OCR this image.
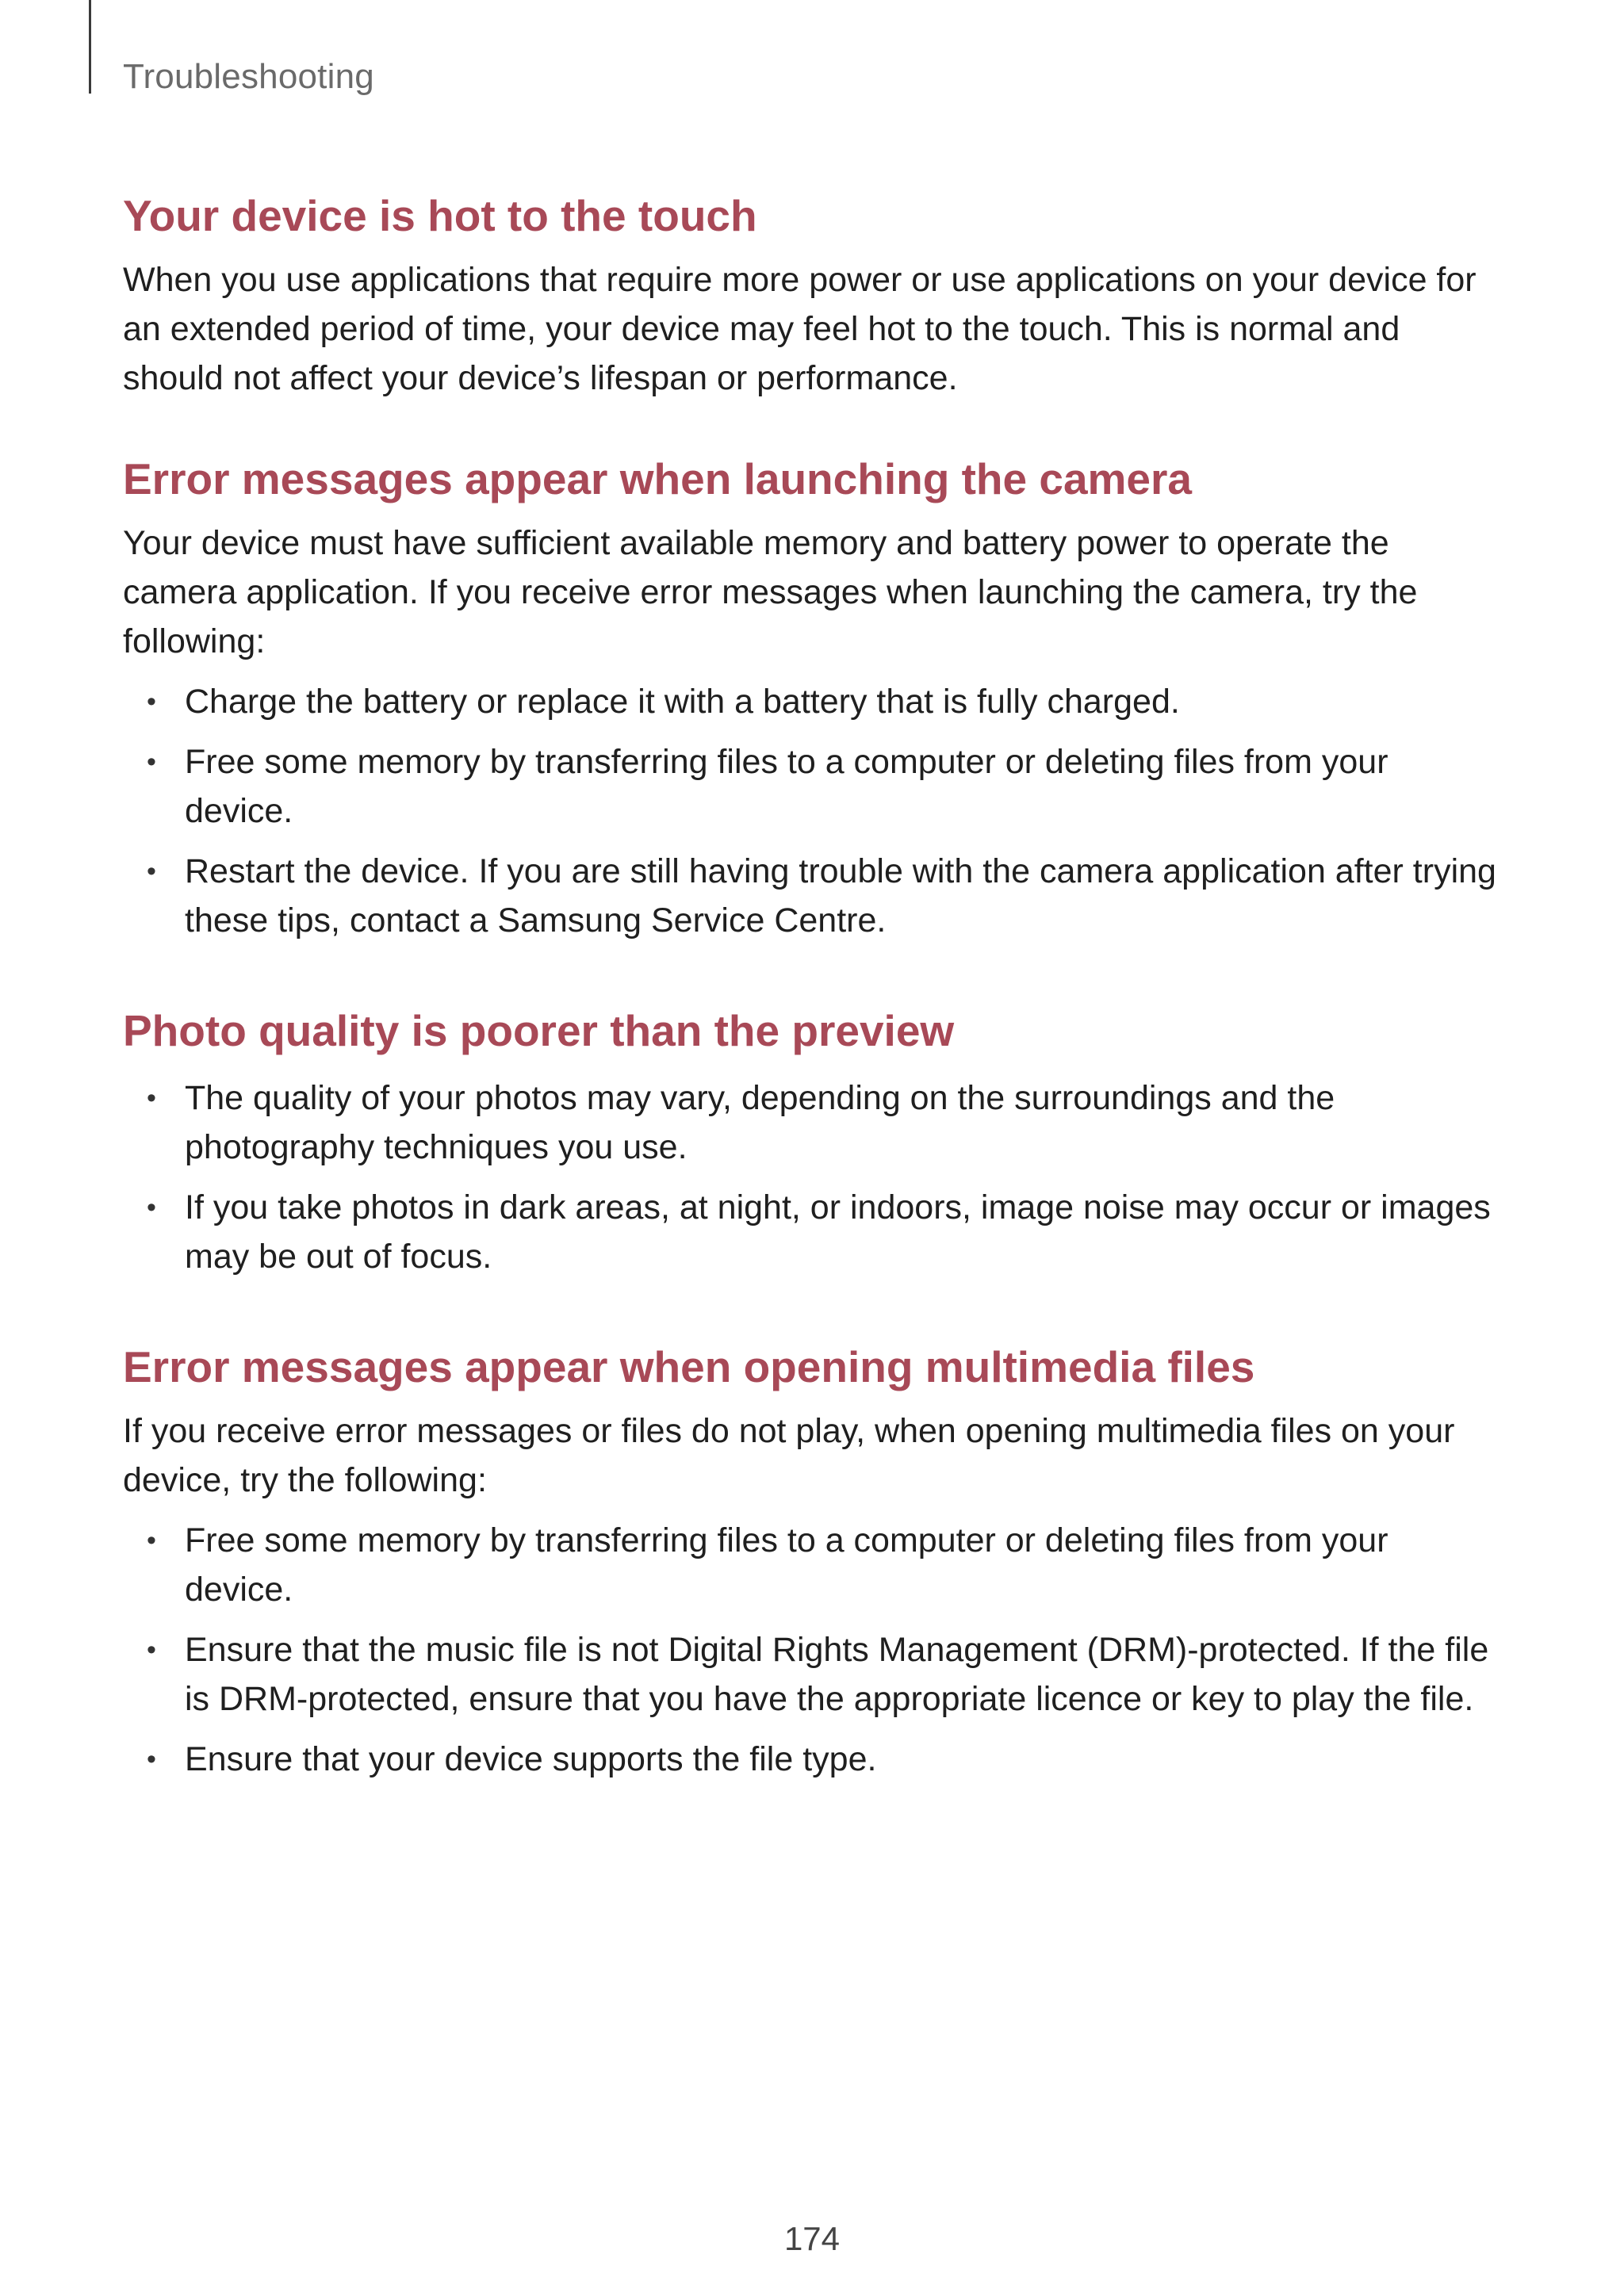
Troubleshooting
Your device is hot to the touch

When you use applications that require more power or use applications on your device for an extended period of time, your device may feel hot to the touch. This is normal and should not affect your device’s lifespan or performance.

Error messages appear when launching the camera

Your device must have sufficient available memory and battery power to operate the camera application. If you receive error messages when launching the camera, try the following:

• Charge the battery or replace it with a battery that is fully charged.
• Free some memory by transferring files to a computer or deleting files from your device.
• Restart the device. If you are still having trouble with the camera application after trying these tips, contact a Samsung Service Centre.
Photo quality is poorer than the preview
• The quality of your photos may vary, depending on the surroundings and the photography techniques you use.
• If you take photos in dark areas, at night, or indoors, image noise may occur or images may be out of focus.
Error messages appear when opening multimedia files

If you receive error messages or files do not play, when opening multimedia files on your device, try the following:

• Free some memory by transferring files to a computer or deleting files from your device.
• Ensure that the music file is not Digital Rights Management (DRM)-protected. If the file is DRM-protected, ensure that you have the appropriate licence or key to play the file.
• Ensure that your device supports the file type.
174
